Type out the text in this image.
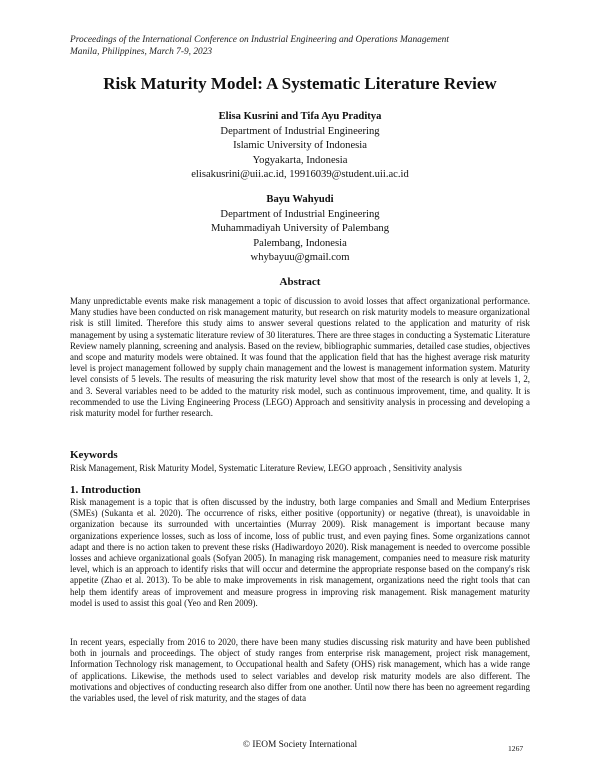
Proceedings of the International Conference on Industrial Engineering and Operations Management
Manila, Philippines, March 7-9, 2023
Risk Maturity Model: A Systematic Literature Review
Elisa Kusrini and Tifa Ayu Praditya
Department of Industrial Engineering
Islamic University of Indonesia
Yogyakarta, Indonesia
elisakusrini@uii.ac.id, 19916039@student.uii.ac.id
Bayu Wahyudi
Department of Industrial Engineering
Muhammadiyah University of Palembang
Palembang, Indonesia
whybayuu@gmail.com
Abstract
Many unpredictable events make risk management a topic of discussion to avoid losses that affect organizational performance. Many studies have been conducted on risk management maturity, but research on risk maturity models to measure organizational risk is still limited. Therefore this study aims to answer several questions related to the application and maturity of risk management by using a systematic literature review of 30 literatures. There are three stages in conducting a Systematic Literature Review namely planning, screening and analysis. Based on the review, bibliographic summaries, detailed case studies, objectives and scope and maturity models were obtained. It was found that the application field that has the highest average risk maturity level is project management followed by supply chain management and the lowest is management information system. Maturity level consists of 5 levels. The results of measuring the risk maturity level show that most of the research is only at levels 1, 2, and 3. Several variables need to be added to the maturity risk model, such as continuous improvement, time, and quality. It is recommended to use the Living Engineering Process (LEGO) Approach and sensitivity analysis in processing and developing a risk maturity model for further research.
Keywords
Risk Management, Risk Maturity Model, Systematic Literature Review, LEGO approach , Sensitivity analysis
1. Introduction
Risk management is a topic that is often discussed by the industry, both large companies and Small and Medium Enterprises (SMEs) (Sukanta et al. 2020). The occurrence of risks, either positive (opportunity) or negative (threat), is unavoidable in organization because its surrounded with uncertainties (Murray 2009). Risk management is important because many organizations experience losses, such as loss of income, loss of public trust, and even paying fines. Some organizations cannot adapt and there is no action taken to prevent these risks (Hadiwardoyo 2020). Risk management is needed to overcome possible losses and achieve organizational goals (Sofyan 2005). In managing risk management, companies need to measure risk maturity level, which is an approach to identify risks that will occur and determine the appropriate response based on the company's risk appetite (Zhao et al. 2013). To be able to make improvements in risk management, organizations need the right tools that can help them identify areas of improvement and measure progress in improving risk management. Risk management maturity model is used to assist this goal (Yeo and Ren 2009).
In recent years, especially from 2016 to 2020, there have been many studies discussing risk maturity and have been published both in journals and proceedings. The object of study ranges from enterprise risk management, project risk management, Information Technology risk management, to Occupational health and Safety (OHS) risk management, which has a wide range of applications. Likewise, the methods used to select variables and develop risk maturity models are also different. The motivations and objectives of conducting research also differ from one another. Until now there has been no agreement regarding the variables used, the level of risk maturity, and the stages of data
© IEOM Society International	1267
